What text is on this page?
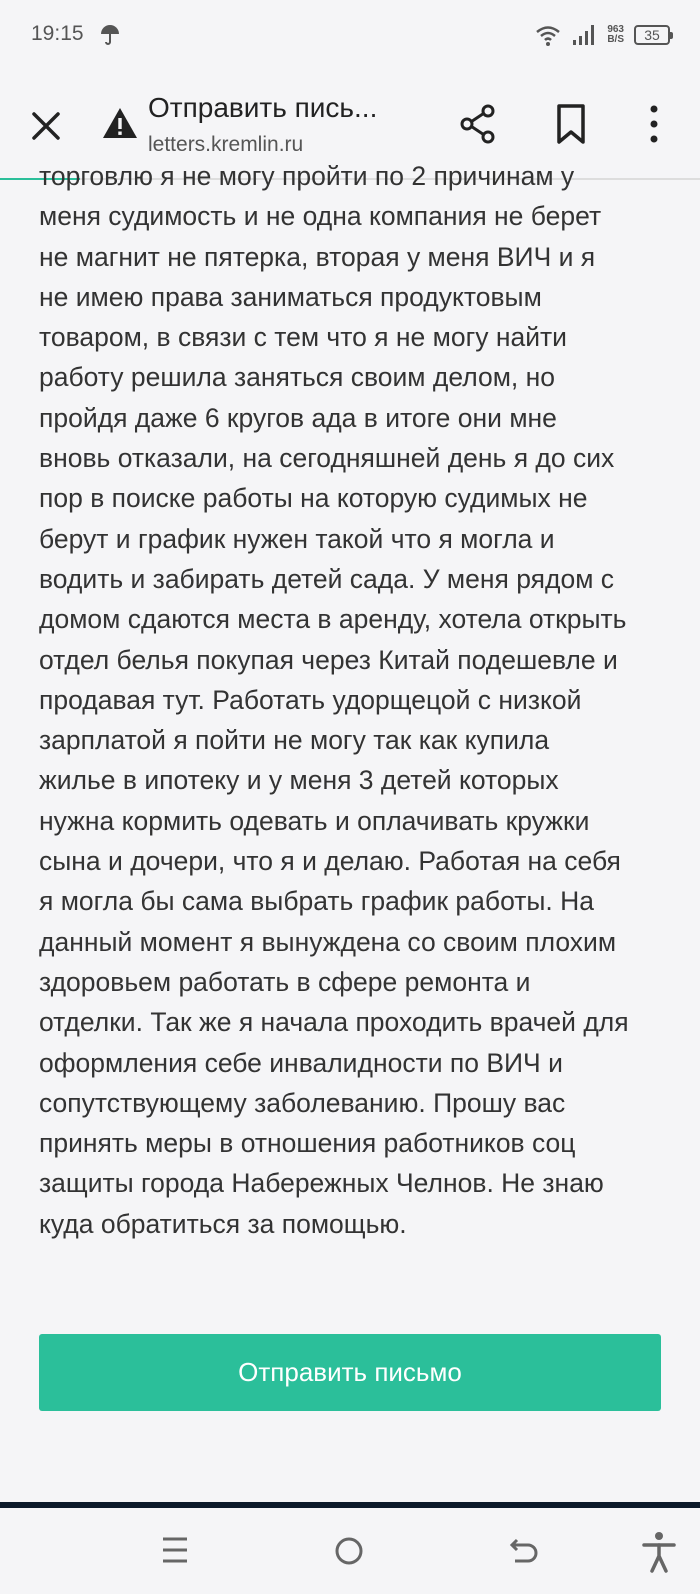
19:15	963
B/S	35
Отправить пись...
letters.kremlin.ru
торговлю я не могу пройти по 2 причинам у
меня судимость и не одна компания не берет
не магнит не пятерка, вторая у меня ВИЧ и я
не имею права заниматься продуктовым
товаром, в связи с тем что я не могу найти
работу решила заняться своим делом, но
пройдя даже 6 кругов ада в итоге они мне
вновь отказали, на сегодняшней день я до сих
пор в поиске работы на которую судимых не
берут и график нужен такой что я могла и
водить и забирать детей сада. У меня рядом с
домом сдаются места в аренду, хотела открыть
отдел белья покупая через Китай подешевле и
продавая тут. Работать удорщецой с низкой
зарплатой я пойти не могу так как купила
жилье в ипотеку и у меня 3 детей которых
нужна кормить одевать и оплачивать кружки
сына и дочери, что я и делаю. Работая на себя
я могла бы сама выбрать график работы. На
данный момент я вынуждена со своим плохим
здоровьем работать в сфере ремонта и
отделки. Так же я начала проходить врачей для
оформления себе инвалидности по ВИЧ и
сопутствующему заболеванию. Прошу вас
принять меры в отношения работников соц
защиты города Набережных Челнов. Не знаю
куда обратиться за помощью.
Отправить письмо
